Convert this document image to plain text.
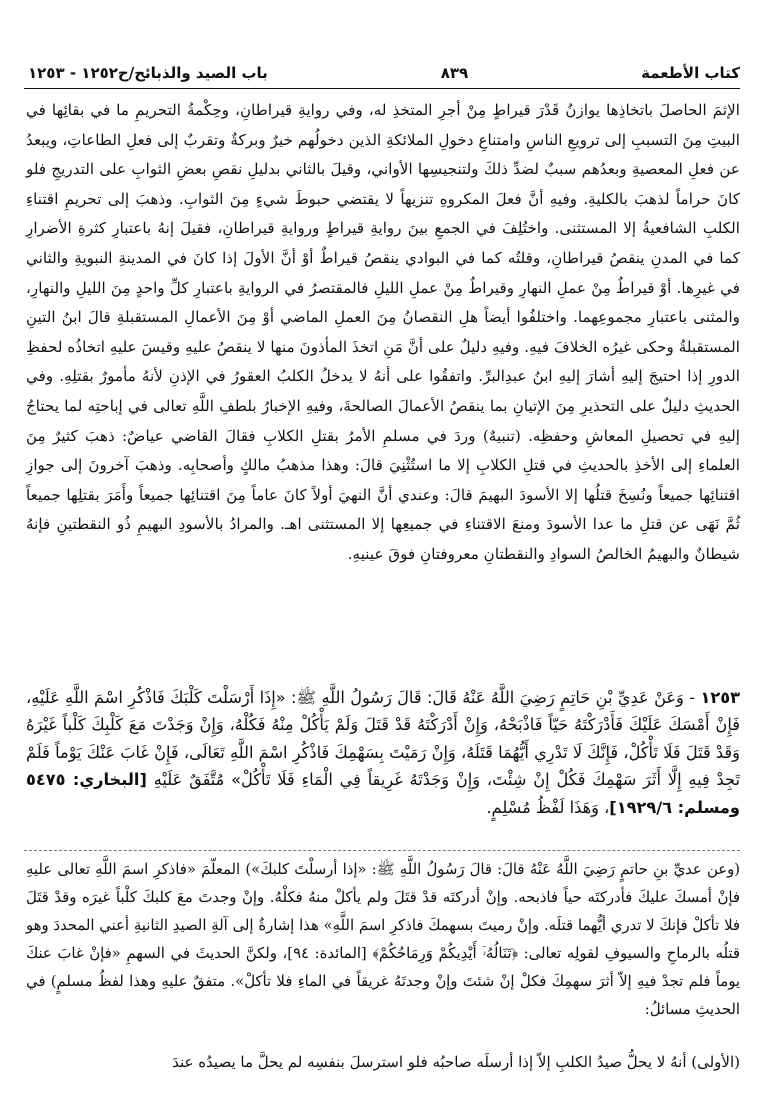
كتاب الأطعمة
٨٣٩
باب الصيد والذبائح/ح١٢٥٢ - ١٢٥٣

الإثمَ الحاصلَ باتخاذِها يوازنُ قَدْرَ قيراطٍ مِنْ أجرِ المتخذِ له، وفي روايةِ قيراطانِ، وحِكْمةُ التحريمِ ما في بقائِها في البيتِ مِنَ التسببِ إلى ترويعِ الناسِ وامتناعِ دخولِ الملائكةِ الذين دخولُهم خيرٌ وبركةٌ وتقربٌ إلى فعلِ الطاعاتِ، ويبعدُ عن فعلِ المعصيةِ وبعدُهم سببٌ لضدِّ ذلكَ ولتنجيسِها الأواني، وقيلَ بالثاني بدليلِ نقصِ بعضِ الثوابِ على التدريجِ فلو كانَ حراماً لذهبَ بالكليةِ. وفيهِ أنَّ فعلَ المكروهِ تنزيهاً لا يقتضي حبوطَ شيءٍ مِنَ الثوابِ. وذهبَ إلى تحريمِ اقتناءِ الكلبِ الشافعيةُ إلا المستثنى. واختُلِفَ في الجمعِ بينَ روايةِ قيراطٍ وروايةِ قيراطانِ، فقيلَ إنهُ باعتبارِ كثرةِ الأضرارِ كما في المدنِ ينقصُ قيراطانِ، وقلتُه كما في البوادي ينقصُ قيراطٌ أوْ أنَّ الأولَ إذا كانَ في المدينةِ النبويةِ والثاني في غيرِها. أوْ قيراطٌ مِنْ عملِ النهارِ وقيراطٌ مِنْ عملِ الليلِ فالمقتصرُ في الروايةِ باعتبارِ كلِّ واحدٍ مِنَ الليلِ والنهارِ، والمثنى باعتبارِ مجموعِهما. واختلفُوا أيضاً هلِ النقصانُ مِنَ العملِ الماضي أوْ مِنَ الأعمالِ المستقبلةِ قالَ ابنُ التينِ المستقبلةُ وحكى غيرُه الخلافَ فيهِ. وفيهِ دليلٌ على أنَّ مَنِ اتخذَ المأذونَ منها لا ينقصُ عليهِ وقيسَ عليهِ اتخاذُه لحفظِ الدورِ إذا احتيجَ إليهِ أشارَ إليهِ ابنُ عبدِالبرِّ. واتفقُوا على أنهُ لا يدخلُ الكلبُ العقورُ في الإذنِ لأنهُ مأمورٌ بقتلِهِ. وفي الحديثِ دليلٌ على التحذيرِ مِنَ الإتيانِ بما ينقصُ الأعمالَ الصالحةَ، وفيهِ الإخبارُ بلطفِ اللَّهِ تعالى في إباحتِه لما يحتاجُ إليهِ في تحصيلِ المعاشِ وحفظِه. (تنبيهٌ) وردَ في مسلمِ الأمرُ بقتلِ الكلابِ فقالَ القاضي عياضٌ: ذهبَ كثيرٌ مِنَ العلماءِ إلى الأخذِ بالحديثِ في قتلِ الكلابِ إلا ما استُثْنِيَ قالَ: وهذا مذهبُ مالكٍ وأصحابِه. وذهبَ آخرونَ إلى جوازِ اقتنائِها جميعاً ونُسِخَ قتلُها إلا الأسودَ البهيمَ قالَ: وعندي أنَّ النهيَ أولاً كانَ عاماً مِنَ اقتنائِها جميعاً وأَمَرَ بقتلِها جميعاً ثُمَّ نَهَى عن قتلِ ما عدا الأسودَ ومنعَ الاقتناءِ في جميعِها إلا المستثنى اهـ. والمرادُ بالأسودِ البهيمِ ذُو النقطتينِ فإنهُ شيطانٌ والبهيمُ الخالصُ السوادِ والنقطتانِ معروفتانِ فوقَ عينيهِ.

١٢٥٣ - وَعَنْ عَدِيِّ بْنِ حَاتِمٍ رَضِيَ اللَّهُ عَنْهُ قَالَ: قَالَ رَسُولُ اللَّهِ ﷺ: «إِذَا أَرْسَلْتَ كَلْبَكَ فَاذْكُرِ اسْمَ اللَّهِ عَلَيْهِ، فَإِنْ أَمْسَكَ عَلَيْكَ فَأَدْرَكْتَهُ حَيّاً فَاذْبَحْهُ، وَإِنْ أَدْرَكْتَهُ قَدْ قَتَلَ وَلَمْ يَأْكُلْ مِنْهُ فَكُلْهُ، وَإِنْ وَجَدْتَ مَعَ كَلْبِكَ كَلْباً غَيْرَهُ وَقَدْ قَتَلَ فَلَا تَأْكُلْ، فَإِنَّكَ لَا تَدْرِي أَيُّهُمَا قَتَلَهُ، وَإِنْ رَمَيْتَ بِسَهْمِكَ فَاذْكُرِ اسْمَ اللَّهِ تَعَالَى، فَإِنْ غَابَ عَنْكَ يَوْماً فَلَمْ تَجِدْ فِيهِ إِلَّا أَثَرَ سَهْمِكَ فَكُلْ إِنْ شِئْتَ، وَإِنْ وَجَدْتَهُ غَرِيقاً فِي الْمَاءِ فَلَا تَأْكُلْ» مُتَّفَقٌ عَلَيْهِ [البخاري: ٥٤٧٥ ومسلم: ١٩٢٩/٦]، وَهَذَا لَفْظُ مُسْلِمٍ.

(وعن عديِّ بنِ حاتمٍ رَضِيَ اللَّهُ عَنْهُ قالَ: قالَ رَسُولُ اللَّهِ ﷺ: «إذا أرسلْتَ كلبكَ») المعلّمَ «فاذكرِ اسمَ اللَّهِ تعالى عليهِ فإنْ أمسكَ عليكَ فأدركتَه حياً فاذبحه. وإنْ أدركتَه قدْ قتَلَ ولم يأكلْ منهُ فكلْهُ. وإنْ وجدتَ معَ كلبكَ كلْباً غيرَه وقدْ قتَلَ فلا تأكلْ فإنكَ لا تدري أيُّهما قتلَه. وإنْ رميتَ بسهمكَ فاذكرِ اسمَ اللَّهِ» هذا إشارةٌ إلى آلةِ الصيدِ الثانيةِ أعني المحددَ وهو قتلُه بالرماحِ والسيوفِ لقولِه تعالى: ﴿تَنَالُهُۥٓ أَيْدِيكُمْ وَرِمَاحُكُمْ﴾ [المائدة: ٩٤]، ولكنَّ الحديثَ في السهمِ «فإنْ غابَ عنكَ يوماً فلم تجدْ فيهِ إلاّ أثرَ سهمِكَ فكلْ إنْ شئتَ وإنْ وجدتَهُ غريقاً في الماءِ فلا تأكلْ». متفقٌ عليهِ وهذا لفظُ مسلمٍ) في الحديثِ مسائلُ:

(الأولى) أنهُ لا يحلُّ صيدُ الكلبِ إلاّ إذا أرسلَه صاحبُه فلو استرسلَ بنفسِه لم يحلَّ ما يصيدُه عندَ
